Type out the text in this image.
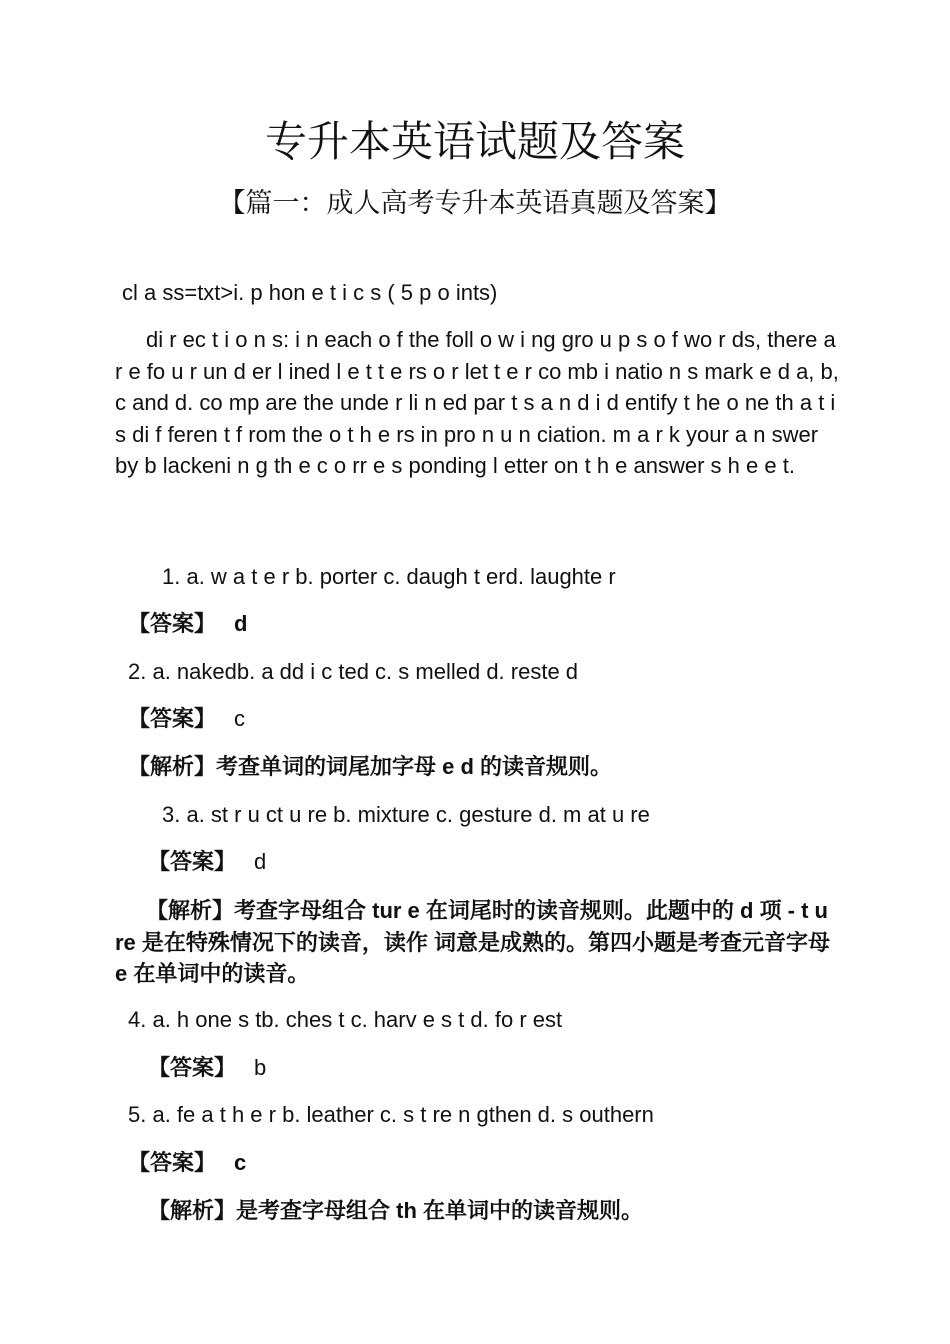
专升本英语试题及答案
【篇一：成人高考专升本英语真题及答案】
cl a ss=txt>i. p hon e t i c s ( 5 p o ints)
di r ec t i o n s: i n each o f the foll o w i ng gro u p s o f wo r ds, there a r e fo u r un d er l ined l e t t e rs o r let t e r co mb i natio n s mark e d a, b, c and d. co mp are the unde r li n ed par t s a n d i d entify t he o ne th a t i s di f feren t f rom the o t h e rs in pro n u n ciation. m a r k your a n swer by b lackeni n g th e c o rr e s ponding l etter on t h e answer s h e e t.
1. a. w a t e r b. porter c. daugh t erd. laughte r
【答案】 d
2. a. nakedb. a dd i c ted c. s melled d. reste d
【答案】 c
【解析】考查单词的词尾加字母 e d 的读音规则。
3. a. st r u ct u re b. mixture c. gesture d. m at u re
【答案】 d
【解析】考查字母组合 tur e 在词尾时的读音规则。此题中的 d 项 - t u re 是在特殊情况下的读音，读作 词意是成熟的。第四小题是考查元音字母 e 在单词中的读音。
4. a. h one s tb. ches t c. harv e s t d. fo r est
【答案】 b
5. a. fe a t h e r b. leather c. s t re n gthen d. s outhern
【答案】 c
【解析】是考查字母组合 th 在单词中的读音规则。
